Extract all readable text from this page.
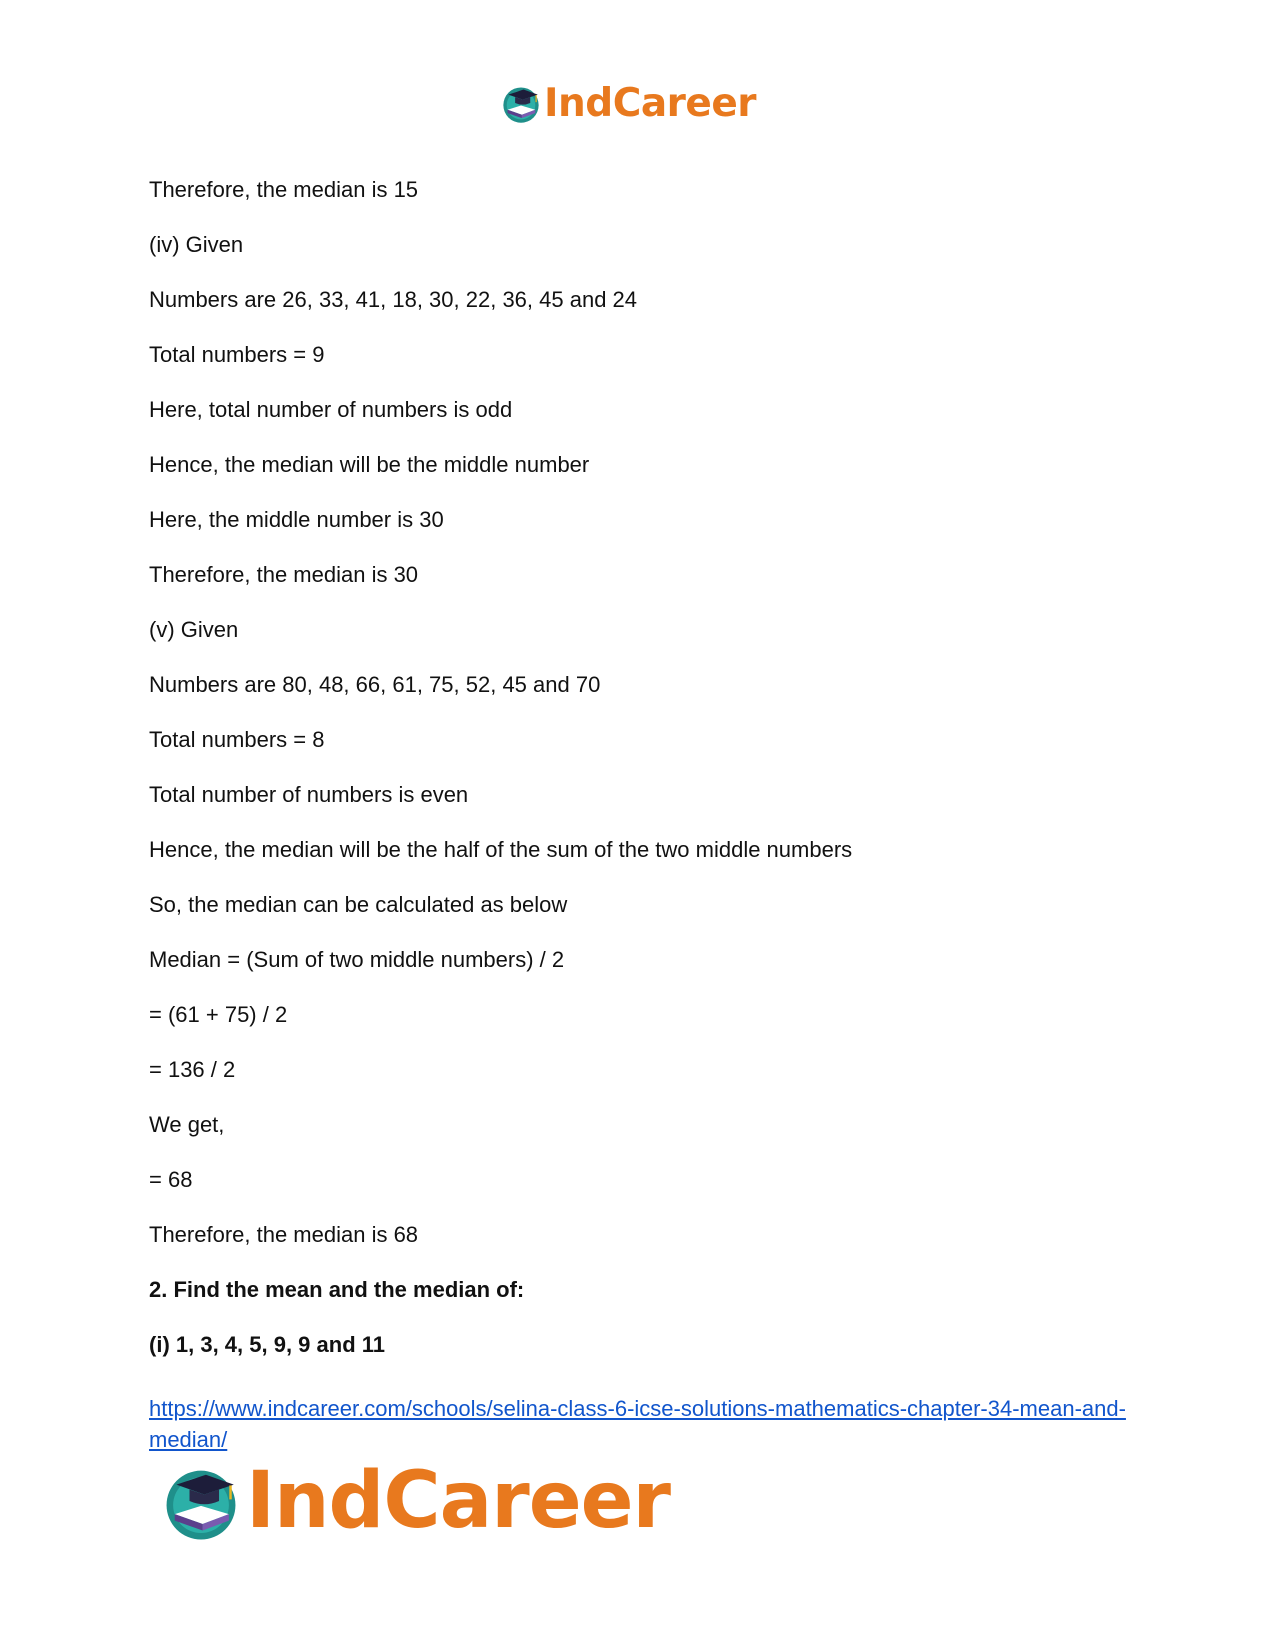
IndCareer
Therefore, the median is 15
(iv) Given
Numbers are 26, 33, 41, 18, 30, 22, 36, 45 and 24
Total numbers = 9
Here, total number of numbers is odd
Hence, the median will be the middle number
Here, the middle number is 30
Therefore, the median is 30
(v) Given
Numbers are 80, 48, 66, 61, 75, 52, 45 and 70
Total numbers = 8
Total number of numbers is even
Hence, the median will be the half of the sum of the two middle numbers
So, the median can be calculated as below
Median = (Sum of two middle numbers) / 2
= (61 + 75) / 2
= 136 / 2
We get,
= 68
Therefore, the median is 68
2. Find the mean and the median of:
(i) 1, 3, 4, 5, 9, 9 and 11
https://www.indcareer.com/schools/selina-class-6-icse-solutions-mathematics-chapter-34-mean-and-median/
IndCareer
